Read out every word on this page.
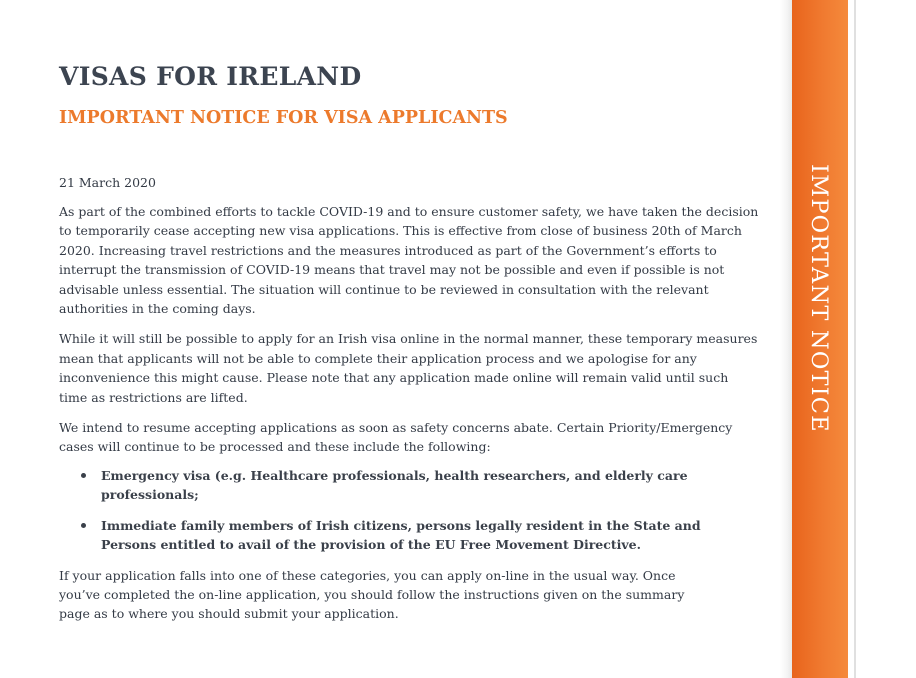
VISAS FOR IRELAND
IMPORTANT NOTICE FOR VISA APPLICANTS

21 March 2020

As part of the combined efforts to tackle COVID-19 and to ensure customer safety, we have taken the decision to temporarily cease accepting new visa applications. This is effective from close of business 20th of March 2020. Increasing travel restrictions and the measures introduced as part of the Government’s efforts to interrupt the transmission of COVID-19 means that travel may not be possible and even if possible is not advisable unless essential. The situation will continue to be reviewed in consultation with the relevant authorities in the coming days.

While it will still be possible to apply for an Irish visa online in the normal manner, these temporary measures mean that applicants will not be able to complete their application process and we apologise for any inconvenience this might cause. Please note that any application made online will remain valid until such time as restrictions are lifted.

We intend to resume accepting applications as soon as safety concerns abate. Certain Priority/Emergency cases will continue to be processed and these include the following:

Emergency visa (e.g. Healthcare professionals, health researchers, and elderly care professionals;
Immediate family members of Irish citizens, persons legally resident in the State and Persons entitled to avail of the provision of the EU Free Movement Directive.

If your application falls into one of these categories, you can apply on-line in the usual way. Once you’ve completed the on-line application, you should follow the instructions given on the summary page as to where you should submit your application.

IMPORTANT NOTICE
